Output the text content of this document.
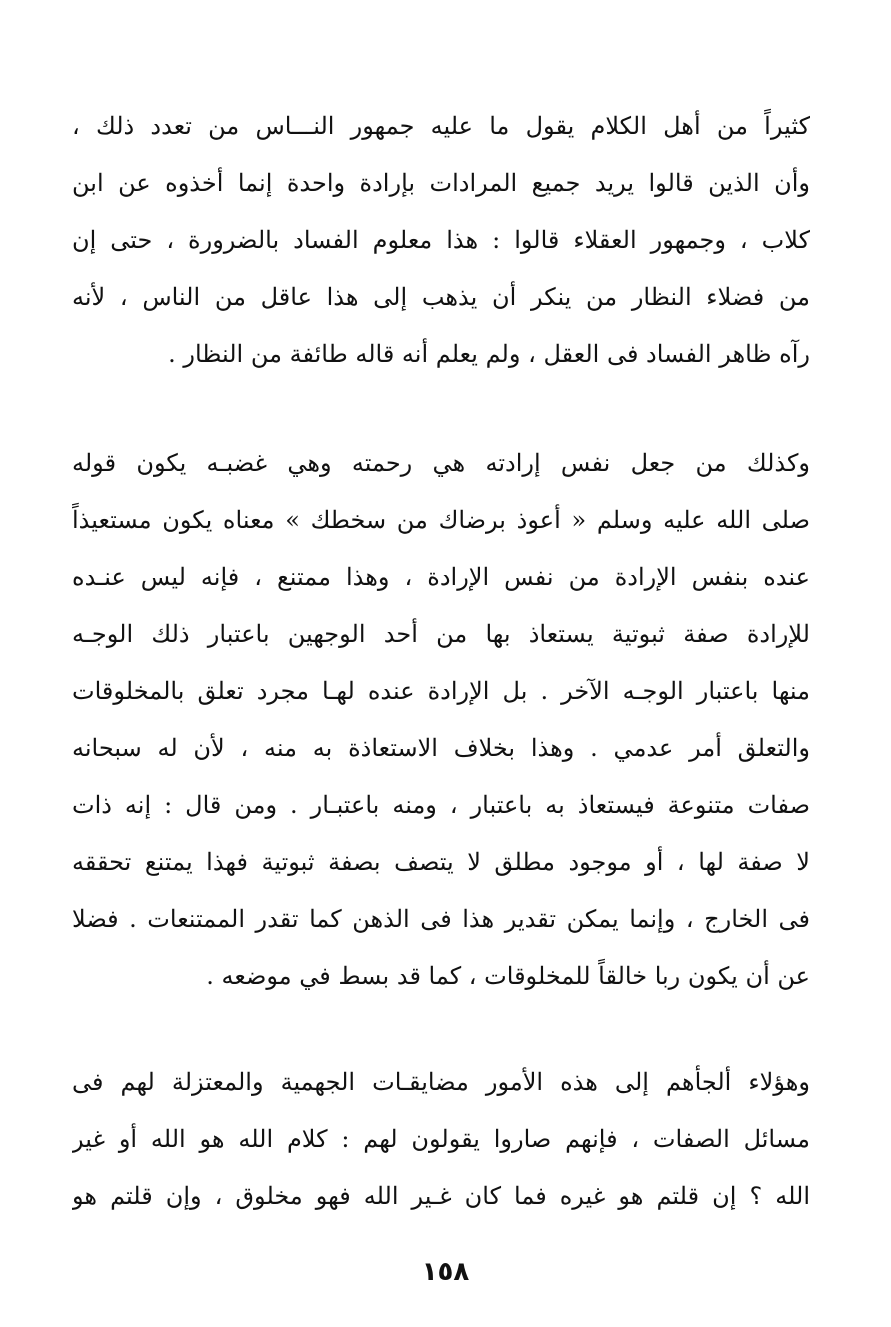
كثيراً من أهل الكلام يقول ما عليه جمهور النـــاس من تعدد ذلك ،
وأن الذين قالوا يريد جميع المرادات بإرادة واحدة إنما أخذوه عن ابن
كلاب ، وجمهور العقلاء قالوا : هذا معلوم الفساد بالضرورة ، حتى إن
من فضلاء النظار من ينكر أن يذهب إلى هذا عاقل من الناس ، لأنه
رآه ظاهر الفساد فى العقل ، ولم يعلم أنه قاله طائفة من النظار .
وكذلك من جعل نفس إرادته هي رحمته وهي غضبـه يكون قوله
صلى الله عليه وسلم « أعوذ برضاك من سخطك » معناه يكون مستعيذاً
عنده بنفس الإرادة من نفس الإرادة ، وهذا ممتنع ، فإنه ليس عنـده
للإرادة صفة ثبوتية يستعاذ بها من أحد الوجهين باعتبار ذلك الوجـه
منها باعتبار الوجـه الآخر . بل الإرادة عنده لهـا مجرد تعلق بالمخلوقات
والتعلق أمر عدمي . وهذا بخلاف الاستعاذة به منه ، لأن له سبحانه
صفات متنوعة فيستعاذ به باعتبار ، ومنه باعتبـار . ومن قال : إنه ذات
لا صفة لها ، أو موجود مطلق لا يتصف بصفة ثبوتية فهذا يمتنع تحققه
فى الخارج ، وإنما يمكن تقدير هذا فى الذهن كما تقدر الممتنعات . فضلا
عن أن يكون ربا خالقاً للمخلوقات ، كما قد بسط في موضعه .
وهؤلاء ألجأهم إلى هذه الأمور مضايقـات الجهمية والمعتزلة لهم فى
مسائل الصفات ، فإنهم صاروا يقولون لهم : كلام الله هو الله أو غير
الله ؟ إن قلتم هو غيره فما كان غـير الله فهو مخلوق ، وإن قلتم هو
١٥٨
